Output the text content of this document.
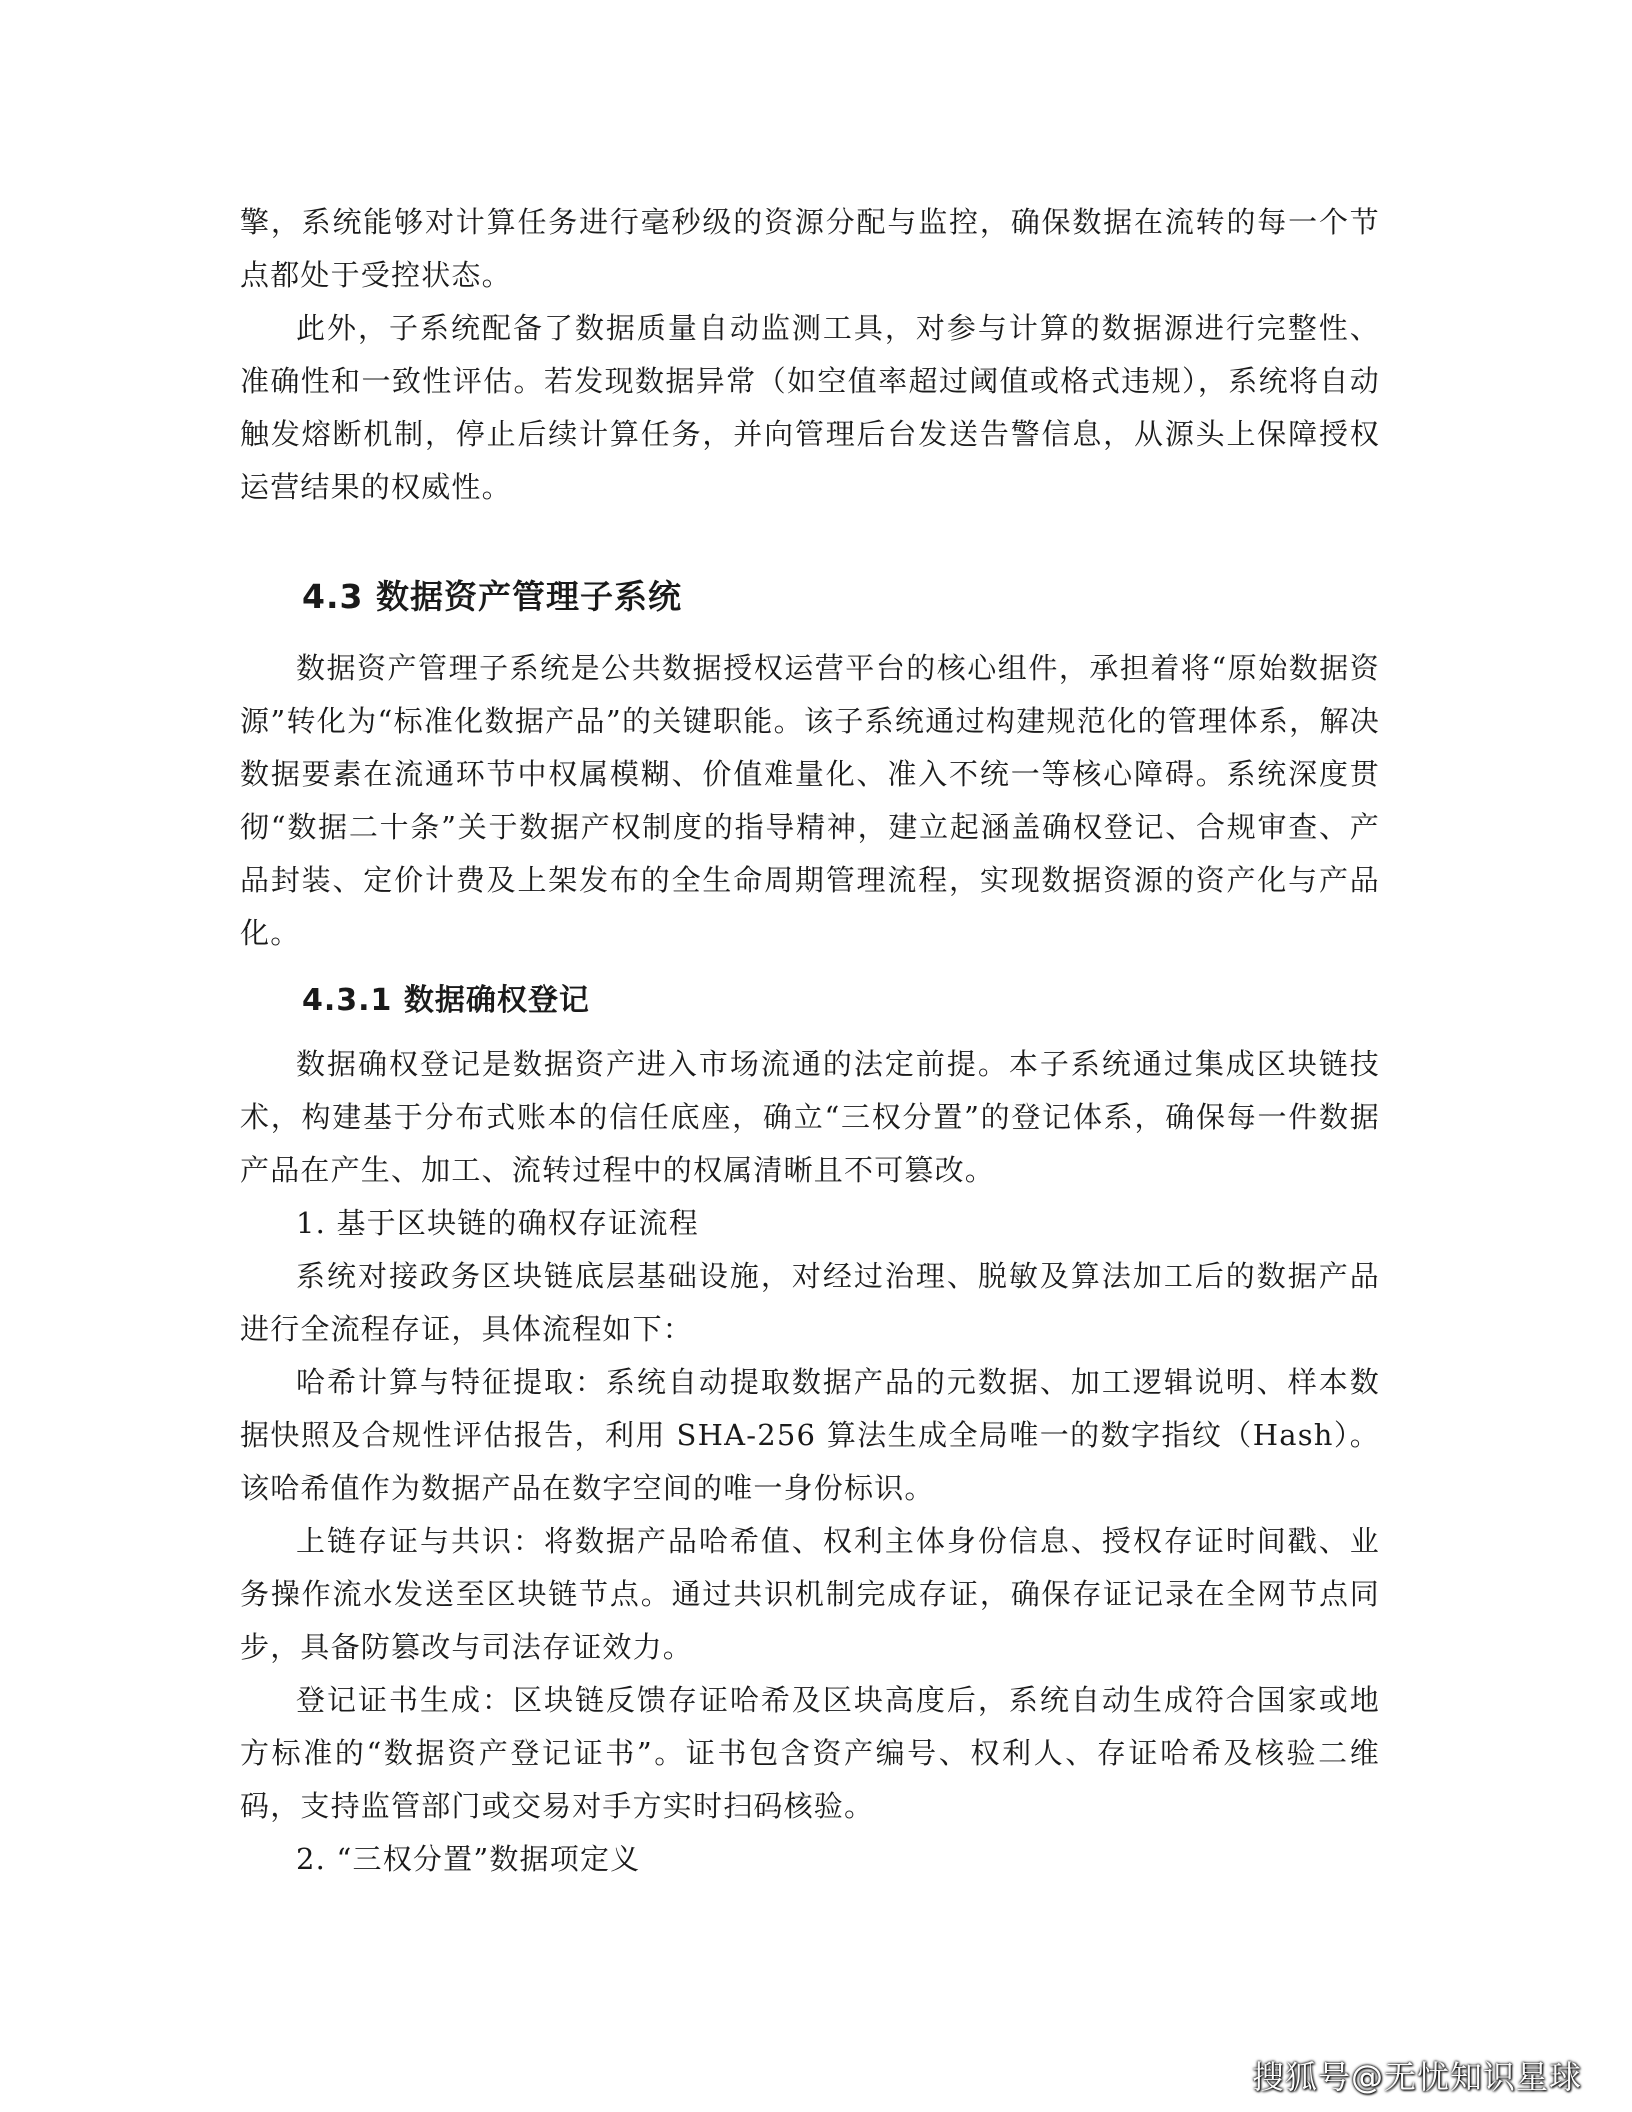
擎，系统能够对计算任务进行毫秒级的资源分配与监控，确保数据在流转的每一个节点都处于受控状态。

此外，子系统配备了数据质量自动监测工具，对参与计算的数据源进行完整性、准确性和一致性评估。若发现数据异常（如空值率超过阈值或格式违规），系统将自动触发熔断机制，停止后续计算任务，并向管理后台发送告警信息，从源头上保障授权运营结果的权威性。

4.3 数据资产管理子系统

数据资产管理子系统是公共数据授权运营平台的核心组件，承担着将“原始数据资源”转化为“标准化数据产品”的关键职能。该子系统通过构建规范化的管理体系，解决数据要素在流通环节中权属模糊、价值难量化、准入不统一等核心障碍。系统深度贯彻“数据二十条”关于数据产权制度的指导精神，建立起涵盖确权登记、合规审查、产品封装、定价计费及上架发布的全生命周期管理流程，实现数据资源的资产化与产品化。

4.3.1 数据确权登记

数据确权登记是数据资产进入市场流通的法定前提。本子系统通过集成区块链技术，构建基于分布式账本的信任底座，确立“三权分置”的登记体系，确保每一件数据产品在产生、加工、流转过程中的权属清晰且不可篡改。

1. 基于区块链的确权存证流程

系统对接政务区块链底层基础设施，对经过治理、脱敏及算法加工后的数据产品进行全流程存证，具体流程如下：

哈希计算与特征提取：系统自动提取数据产品的元数据、加工逻辑说明、样本数据快照及合规性评估报告，利用 SHA-256 算法生成全局唯一的数字指纹（Hash）。该哈希值作为数据产品在数字空间的唯一身份标识。

上链存证与共识：将数据产品哈希值、权利主体身份信息、授权存证时间戳、业务操作流水发送至区块链节点。通过共识机制完成存证，确保存证记录在全网节点同步，具备防篡改与司法存证效力。

登记证书生成：区块链反馈存证哈希及区块高度后，系统自动生成符合国家或地方标准的“数据资产登记证书”。证书包含资产编号、权利人、存证哈希及核验二维码，支持监管部门或交易对手方实时扫码核验。

2. “三权分置”数据项定义

搜狐号@无忧知识星球
